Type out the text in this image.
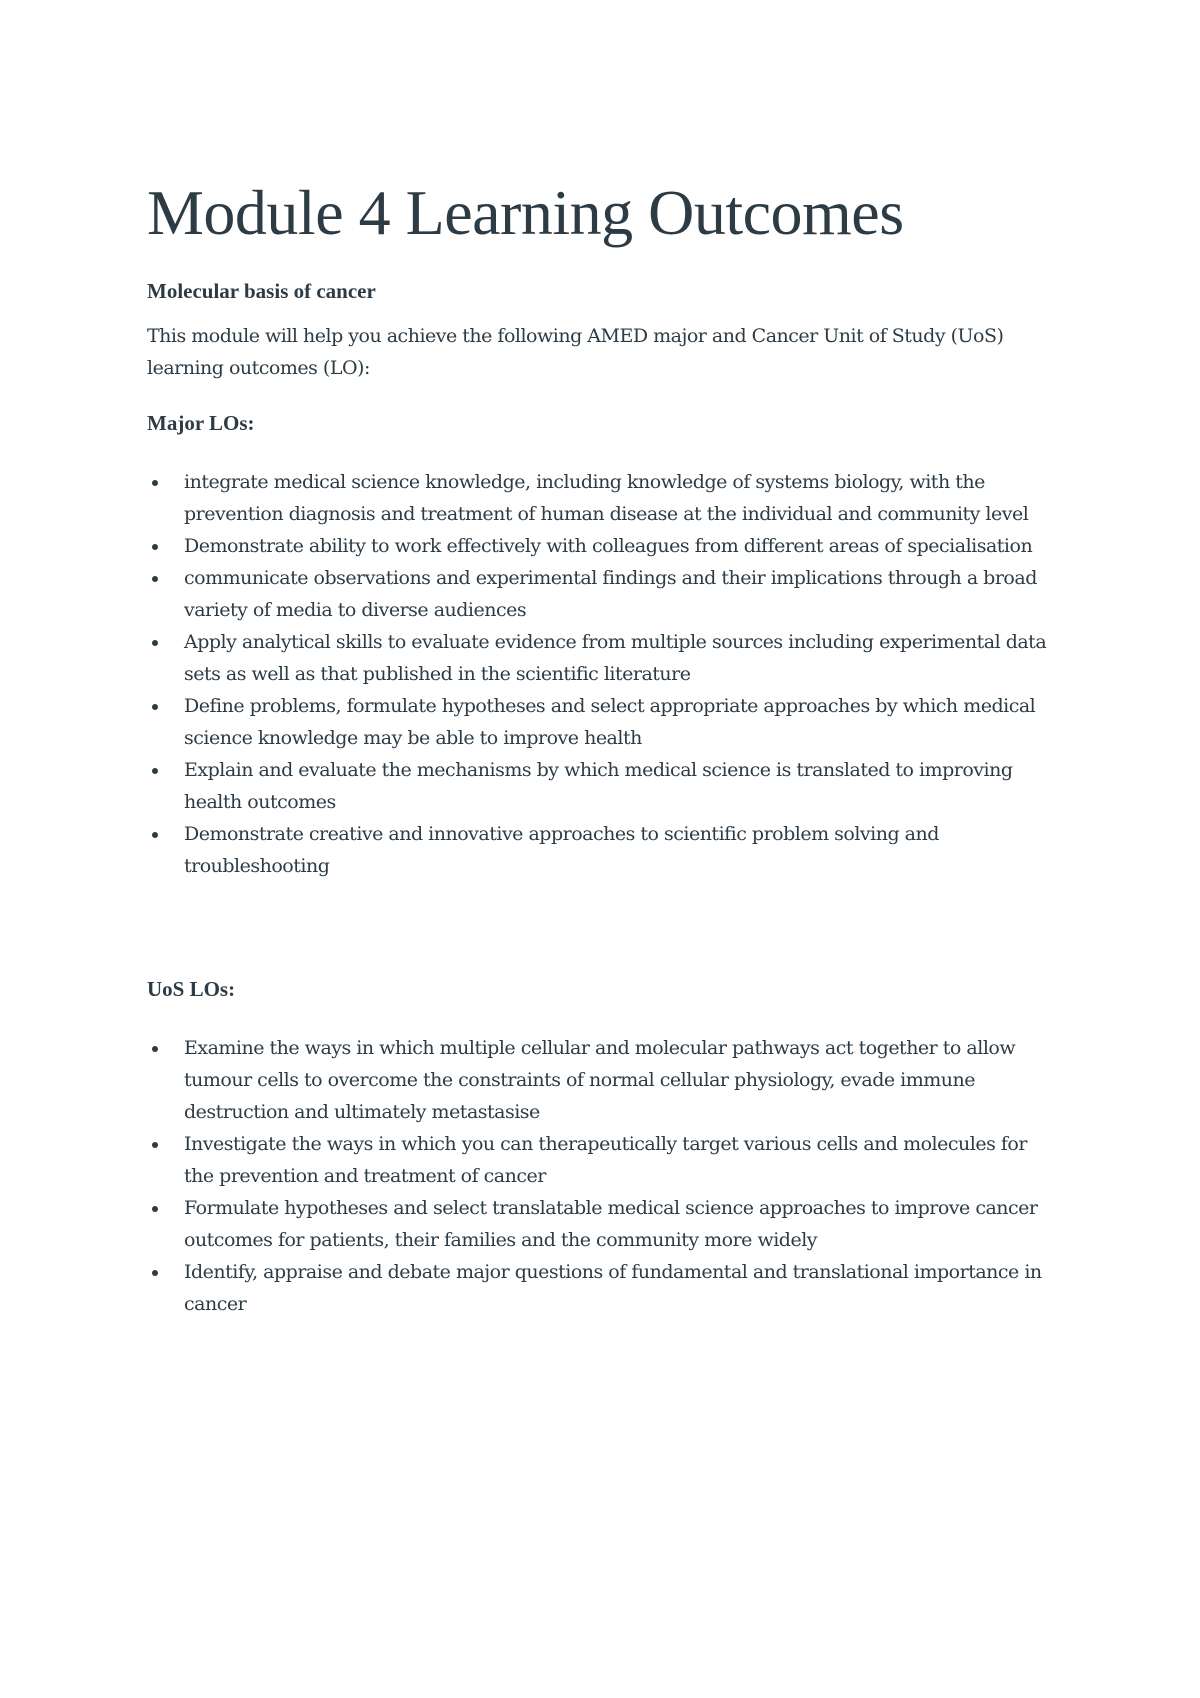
Module 4 Learning Outcomes

Molecular basis of cancer

This module will help you achieve the following AMED major and Cancer Unit of Study (UoS) learning outcomes (LO):

Major LOs:

integrate medical science knowledge, including knowledge of systems biology, with the prevention diagnosis and treatment of human disease at the individual and community level
Demonstrate ability to work effectively with colleagues from different areas of specialisation
communicate observations and experimental findings and their implications through a broad variety of media to diverse audiences
Apply analytical skills to evaluate evidence from multiple sources including experimental data sets as well as that published in the scientific literature
Define problems, formulate hypotheses and select appropriate approaches by which medical science knowledge may be able to improve health
Explain and evaluate the mechanisms by which medical science is translated to improving health outcomes
Demonstrate creative and innovative approaches to scientific problem solving and troubleshooting

UoS LOs:

Examine the ways in which multiple cellular and molecular pathways act together to allow tumour cells to overcome the constraints of normal cellular physiology, evade immune destruction and ultimately metastasise
Investigate the ways in which you can therapeutically target various cells and molecules for the prevention and treatment of cancer
Formulate hypotheses and select translatable medical science approaches to improve cancer outcomes for patients, their families and the community more widely
Identify, appraise and debate major questions of fundamental and translational importance in cancer
